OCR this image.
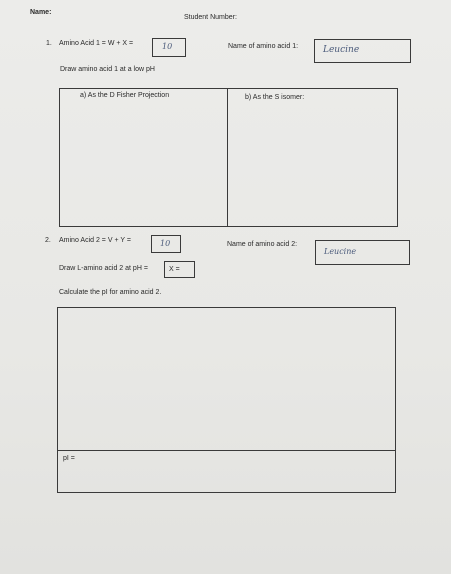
Name:
Student Number:
1. Amino Acid 1 = W + X =	10	Name of amino acid 1:	Leucine
Draw amino acid 1 at a low pH
a) As the D Fisher Projection	b) As the S isomer:
2. Amino Acid 2 = V + Y =	10	Name of amino acid 2:
Leucine
Draw L-amino acid 2 at pH =	X =
Calculate the pI for amino acid 2.
pI =
